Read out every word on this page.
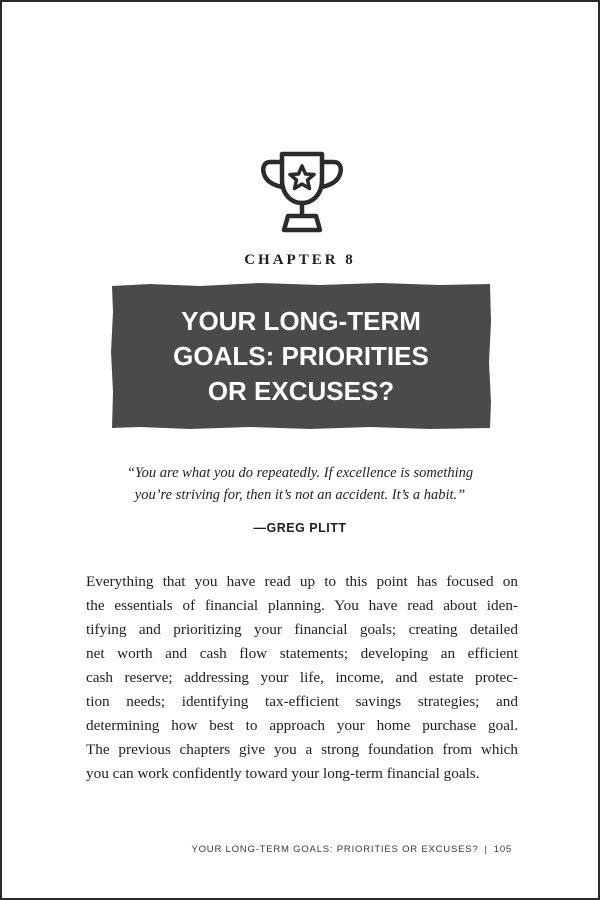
CHAPTER 8
YOUR LONG-TERM
GOALS: PRIORITIES
OR EXCUSES?
“You are what you do repeatedly. If excellence is something
you’re striving for, then it’s not an accident. It’s a habit.”
—GREG PLITT
Everything that you have read up to this point has focused on
the essentials of financial planning. You have read about iden-
tifying and prioritizing your financial goals; creating detailed
net worth and cash flow statements; developing an efficient
cash reserve; addressing your life, income, and estate protec-
tion needs; identifying tax-efficient savings strategies; and
determining how best to approach your home purchase goal.
The previous chapters give you a strong foundation from which
you can work confidently toward your long-term financial goals.
YOUR LONG-TERM GOALS: PRIORITIES OR EXCUSES? | 105
